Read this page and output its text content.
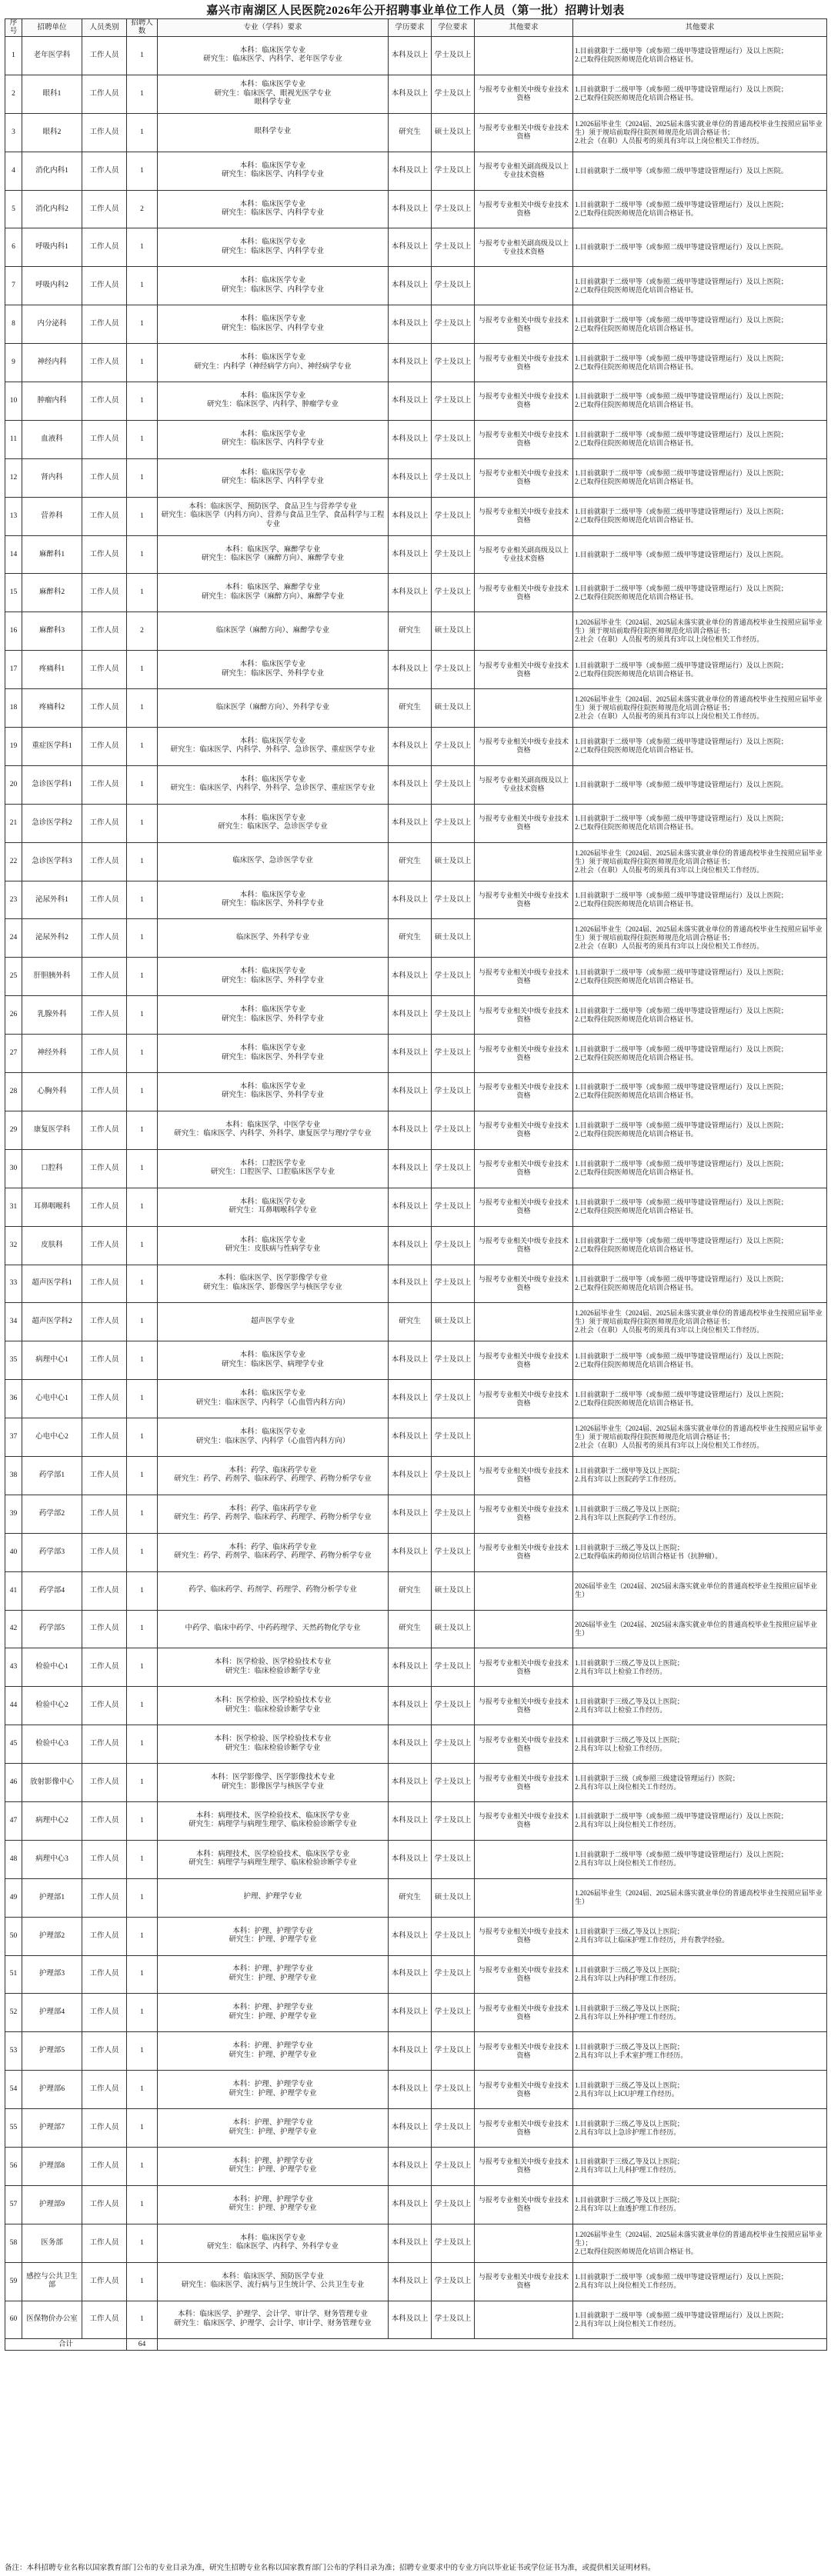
嘉兴市南湖区人民医院2026年公开招聘事业单位工作人员（第一批）招聘计划表
序号	招聘单位	人员类别	招聘人数	专业（学科）要求	学历要求	学位要求	其他要求	其他要求
1	老年医学科	工作人员	1	本科：临床医学专业
研究生：临床医学、内科学、老年医学专业	本科及以上	学士及以上		1.目前就职于二级甲等（或参照二级甲等建设管理运行）及以上医院；
2.已取得住院医师规范化培训合格证书。
2	眼科1	工作人员	1	本科：临床医学专业
研究生：临床医学、眼视光医学专业
眼科学专业	本科及以上	学士及以上	与报考专业相关中级专业技术资格	1.目前就职于二级甲等（或参照二级甲等建设管理运行）及以上医院；
2.已取得住院医师规范化培训合格证书。
3	眼科2	工作人员	1	眼科学专业	研究生	硕士及以上	与报考专业相关中级专业技术资格	1.2026届毕业生（2024届、2025届未落实就业单位的普通高校毕业生按照应届毕业生）须于规培前取得住院医师规范化培训合格证书；
2.社会（在职）人员报考的须具有3年以上岗位相关工作经历。
4	消化内科1	工作人员	1	本科：临床医学专业
研究生：临床医学、内科学专业	本科及以上	学士及以上	与报考专业相关副高级及以上专业技术资格	1.目前就职于二级甲等（或参照二级甲等建设管理运行）及以上医院。
5	消化内科2	工作人员	2	本科：临床医学专业
研究生：临床医学、内科学专业	本科及以上	学士及以上	与报考专业相关中级专业技术资格	1.目前就职于二级甲等（或参照二级甲等建设管理运行）及以上医院；
2.已取得住院医师规范化培训合格证书。
6	呼吸内科1	工作人员	1	本科：临床医学专业
研究生：临床医学、内科学专业	本科及以上	学士及以上	与报考专业相关副高级及以上专业技术资格	1.目前就职于二级甲等（或参照二级甲等建设管理运行）及以上医院。
7	呼吸内科2	工作人员	1	本科：临床医学专业
研究生：临床医学、内科学专业	本科及以上	学士及以上		1.目前就职于二级甲等（或参照二级甲等建设管理运行）及以上医院；
2.已取得住院医师规范化培训合格证书。
8	内分泌科	工作人员	1	本科：临床医学专业
研究生：临床医学、内科学专业	本科及以上	学士及以上	与报考专业相关中级专业技术资格	1.目前就职于二级甲等（或参照二级甲等建设管理运行）及以上医院；
2.已取得住院医师规范化培训合格证书。
9	神经内科	工作人员	1	本科：临床医学专业
研究生：内科学（神经病学方向）、神经病学专业	本科及以上	学士及以上	与报考专业相关中级专业技术资格	1.目前就职于二级甲等（或参照二级甲等建设管理运行）及以上医院；
2.已取得住院医师规范化培训合格证书。
10	肿瘤内科	工作人员	1	本科：临床医学专业
研究生：临床医学、内科学、肿瘤学专业	本科及以上	学士及以上	与报考专业相关中级专业技术资格	1.目前就职于二级甲等（或参照二级甲等建设管理运行）及以上医院；
2.已取得住院医师规范化培训合格证书。
11	血液科	工作人员	1	本科：临床医学专业
研究生：临床医学、内科学专业	本科及以上	学士及以上	与报考专业相关中级专业技术资格	1.目前就职于二级甲等（或参照二级甲等建设管理运行）及以上医院；
2.已取得住院医师规范化培训合格证书。
12	肾内科	工作人员	1	本科：临床医学专业
研究生：临床医学、内科学专业	本科及以上	学士及以上	与报考专业相关中级专业技术资格	1.目前就职于二级甲等（或参照二级甲等建设管理运行）及以上医院；
2.已取得住院医师规范化培训合格证书。
13	营养科	工作人员	1	本科：临床医学、预防医学、食品卫生与营养学专业
研究生：临床医学（内科方向）、营养与食品卫生学、食品科学与工程专业	本科及以上	学士及以上	与报考专业相关中级专业技术资格	1.目前就职于二级甲等（或参照二级甲等建设管理运行）及以上医院；
2.已取得住院医师规范化培训合格证书。
14	麻醉科1	工作人员	1	本科：临床医学、麻醉学专业
研究生：临床医学（麻醉方向）、麻醉学专业	本科及以上	学士及以上	与报考专业相关副高级及以上专业技术资格	1.目前就职于二级甲等（或参照二级甲等建设管理运行）及以上医院。
15	麻醉科2	工作人员	1	本科：临床医学、麻醉学专业
研究生：临床医学（麻醉方向）、麻醉学专业	本科及以上	学士及以上	与报考专业相关中级专业技术资格	1.目前就职于二级甲等（或参照二级甲等建设管理运行）及以上医院；
2.已取得住院医师规范化培训合格证书。
16	麻醉科3	工作人员	2	临床医学（麻醉方向）、麻醉学专业	研究生	硕士及以上		1.2026届毕业生（2024届、2025届未落实就业单位的普通高校毕业生按照应届毕业生）须于规培前取得住院医师规范化培训合格证书；
2.社会（在职）人员报考的须具有3年以上岗位相关工作经历。
17	疼痛科1	工作人员	1	本科：临床医学专业
研究生：临床医学、外科学专业	本科及以上	学士及以上	与报考专业相关中级专业技术资格	1.目前就职于二级甲等（或参照二级甲等建设管理运行）及以上医院；
2.已取得住院医师规范化培训合格证书。
18	疼痛科2	工作人员	1	临床医学（麻醉方向）、外科学专业	研究生	硕士及以上		1.2026届毕业生（2024届、2025届未落实就业单位的普通高校毕业生按照应届毕业生）须于规培前取得住院医师规范化培训合格证书；
2.社会（在职）人员报考的须具有3年以上岗位相关工作经历。
19	重症医学科1	工作人员	1	本科：临床医学专业
研究生：临床医学、内科学、外科学、急诊医学、重症医学专业	本科及以上	学士及以上	与报考专业相关中级专业技术资格	1.目前就职于二级甲等（或参照二级甲等建设管理运行）及以上医院；
2.已取得住院医师规范化培训合格证书。
20	急诊医学科1	工作人员	1	本科：临床医学专业
研究生：临床医学、内科学、外科学、急诊医学、重症医学专业	本科及以上	学士及以上	与报考专业相关副高级及以上专业技术资格	1.目前就职于二级甲等（或参照二级甲等建设管理运行）及以上医院。
21	急诊医学科2	工作人员	1	本科：临床医学专业
研究生：临床医学、急诊医学专业	本科及以上	学士及以上	与报考专业相关中级专业技术资格	1.目前就职于二级甲等（或参照二级甲等建设管理运行）及以上医院；
2.已取得住院医师规范化培训合格证书。
22	急诊医学科3	工作人员	1	临床医学、急诊医学专业	研究生	硕士及以上		1.2026届毕业生（2024届、2025届未落实就业单位的普通高校毕业生按照应届毕业生）须于规培前取得住院医师规范化培训合格证书；
2.社会（在职）人员报考的须具有3年以上岗位相关工作经历。
23	泌尿外科1	工作人员	1	本科：临床医学专业
研究生：临床医学、外科学专业	本科及以上	学士及以上	与报考专业相关中级专业技术资格	1.目前就职于二级甲等（或参照二级甲等建设管理运行）及以上医院；
2.已取得住院医师规范化培训合格证书。
24	泌尿外科2	工作人员	1	临床医学、外科学专业	研究生	硕士及以上		1.2026届毕业生（2024届、2025届未落实就业单位的普通高校毕业生按照应届毕业生）须于规培前取得住院医师规范化培训合格证书；
2.社会（在职）人员报考的须具有3年以上岗位相关工作经历。
25	肝胆胰外科	工作人员	1	本科：临床医学专业
研究生：临床医学、外科学专业	本科及以上	学士及以上	与报考专业相关中级专业技术资格	1.目前就职于二级甲等（或参照二级甲等建设管理运行）及以上医院；
2.已取得住院医师规范化培训合格证书。
26	乳腺外科	工作人员	1	本科：临床医学专业
研究生：临床医学、外科学专业	本科及以上	学士及以上	与报考专业相关中级专业技术资格	1.目前就职于二级甲等（或参照二级甲等建设管理运行）及以上医院；
2.已取得住院医师规范化培训合格证书。
27	神经外科	工作人员	1	本科：临床医学专业
研究生：临床医学、外科学专业	本科及以上	学士及以上	与报考专业相关中级专业技术资格	1.目前就职于二级甲等（或参照二级甲等建设管理运行）及以上医院；
2.已取得住院医师规范化培训合格证书。
28	心胸外科	工作人员	1	本科：临床医学专业
研究生：临床医学、外科学专业	本科及以上	学士及以上	与报考专业相关中级专业技术资格	1.目前就职于二级甲等（或参照二级甲等建设管理运行）及以上医院；
2.已取得住院医师规范化培训合格证书。
29	康复医学科	工作人员	1	本科：临床医学、中医学专业
研究生：临床医学、内科学、外科学、康复医学与理疗学专业	本科及以上	学士及以上	与报考专业相关中级专业技术资格	1.目前就职于二级甲等（或参照二级甲等建设管理运行）及以上医院；
2.已取得住院医师规范化培训合格证书。
30	口腔科	工作人员	1	本科：口腔医学专业
研究生：口腔医学、口腔临床医学专业	本科及以上	学士及以上	与报考专业相关中级专业技术资格	1.目前就职于二级甲等（或参照二级甲等建设管理运行）及以上医院；
2.已取得住院医师规范化培训合格证书。
31	耳鼻咽喉科	工作人员	1	本科：临床医学专业
研究生：耳鼻咽喉科学专业	本科及以上	学士及以上	与报考专业相关中级专业技术资格	1.目前就职于二级甲等（或参照二级甲等建设管理运行）及以上医院；
2.已取得住院医师规范化培训合格证书。
32	皮肤科	工作人员	1	本科：临床医学专业
研究生：皮肤病与性病学专业	本科及以上	学士及以上	与报考专业相关中级专业技术资格	1.目前就职于二级甲等（或参照二级甲等建设管理运行）及以上医院；
2.已取得住院医师规范化培训合格证书。
33	超声医学科1	工作人员	1	本科：临床医学、医学影像学专业
研究生：临床医学、影像医学与核医学专业	本科及以上	学士及以上	与报考专业相关中级专业技术资格	1.目前就职于二级甲等（或参照二级甲等建设管理运行）及以上医院；
2.已取得住院医师规范化培训合格证书。
34	超声医学科2	工作人员	1	超声医学专业	研究生	硕士及以上		1.2026届毕业生（2024届、2025届未落实就业单位的普通高校毕业生按照应届毕业生）须于规培前取得住院医师规范化培训合格证书；
2.社会（在职）人员报考的须具有3年以上岗位相关工作经历。
35	病理中心1	工作人员	1	本科：临床医学专业
研究生：临床医学、病理学专业	本科及以上	学士及以上	与报考专业相关中级专业技术资格	1.目前就职于二级甲等（或参照二级甲等建设管理运行）及以上医院；
2.已取得住院医师规范化培训合格证书。
36	心电中心1	工作人员	1	本科：临床医学专业
研究生：临床医学、内科学（心血管内科方向）	本科及以上	学士及以上	与报考专业相关中级专业技术资格	1.目前就职于二级甲等（或参照二级甲等建设管理运行）及以上医院；
2.已取得住院医师规范化培训合格证书。
37	心电中心2	工作人员	1	本科：临床医学专业
研究生：临床医学、内科学（心血管内科方向）	本科及以上	学士及以上		1.2026届毕业生（2024届、2025届未落实就业单位的普通高校毕业生按照应届毕业生）须于规培前取得住院医师规范化培训合格证书；
2.社会（在职）人员报考的须具有3年以上岗位相关工作经历。
38	药学部1	工作人员	1	本科：药学、临床药学专业
研究生：药学、药剂学、临床药学、药理学、药物分析学专业	本科及以上	学士及以上	与报考专业相关中级专业技术资格	1.目前就职于二级甲等及以上医院；
2.具有3年以上医院药学工作经历。
39	药学部2	工作人员	1	本科：药学、临床药学专业
研究生：药学、药剂学、临床药学、药理学、药物分析学专业	本科及以上	学士及以上	与报考专业相关中级专业技术资格	1.目前就职于三级乙等及以上医院；
2.具有3年以上医院药学工作经历。
40	药学部3	工作人员	1	本科：药学、临床药学专业
研究生：药学、药剂学、临床药学、药理学、药物分析学专业	本科及以上	学士及以上	与报考专业相关中级专业技术资格	1.目前就职于三级乙等及以上医院；
2.已取得临床药师岗位培训合格证书（抗肿瘤）。
41	药学部4	工作人员	1	药学、临床药学、药剂学、药理学、药物分析学专业	研究生	硕士及以上		2026届毕业生（2024届、2025届未落实就业单位的普通高校毕业生按照应届毕业生）
42	药学部5	工作人员	1	中药学、临床中药学、中药药理学、天然药物化学专业	研究生	硕士及以上		2026届毕业生（2024届、2025届未落实就业单位的普通高校毕业生按照应届毕业生）
43	检验中心1	工作人员	1	本科：医学检验、医学检验技术专业
研究生：临床检验诊断学专业	本科及以上	学士及以上	与报考专业相关中级专业技术资格	1.目前就职于三级乙等及以上医院；
2.具有3年以上检验工作经历。
44	检验中心2	工作人员	1	本科：医学检验、医学检验技术专业
研究生：临床检验诊断学专业	本科及以上	学士及以上	与报考专业相关中级专业技术资格	1.目前就职于三级乙等及以上医院；
2.具有3年以上检验工作经历。
45	检验中心3	工作人员	1	本科：医学检验、医学检验技术专业
研究生：临床检验诊断学专业	本科及以上	学士及以上	与报考专业相关中级专业技术资格	1.目前就职于三级乙等及以上医院；
2.具有3年以上检验工作经历。
46	放射影像中心	工作人员	1	本科：医学影像学、医学影像技术专业
研究生：影像医学与核医学专业	本科及以上	学士及以上	与报考专业相关中级专业技术资格	1.目前就职于三级（或参照三级建设管理运行）医院；
2.具有3年以上岗位相关工作经历。
47	病理中心2	工作人员	1	本科：病理技术、医学检验技术、临床医学专业
研究生：病理学与病理生理学、临床检验诊断学专业	本科及以上	学士及以上	与报考专业相关中级专业技术资格	1.目前就职于二级甲等（或参照二级甲等建设管理运行）及以上医院；
2.具有3年以上岗位相关工作经历。
48	病理中心3	工作人员	1	本科：病理技术、医学检验技术、临床医学专业
研究生：病理学与病理生理学、临床检验诊断学专业	本科及以上	学士及以上		1.目前就职于二级甲等（或参照二级甲等建设管理运行）及以上医院；
2.具有3年以上岗位相关工作经历。
49	护理部1	工作人员	1	护理、护理学专业	研究生	硕士及以上		1.2026届毕业生（2024届、2025届未落实就业单位的普通高校毕业生按照应届毕业生）
50	护理部2	工作人员	1	本科：护理、护理学专业
研究生：护理、护理学专业	本科及以上	学士及以上	与报考专业相关中级专业技术资格	1.目前就职于三级乙等及以上医院；
2.具有3年以上临床护理工作经历，并有教学经验。
51	护理部3	工作人员	1	本科：护理、护理学专业
研究生：护理、护理学专业	本科及以上	学士及以上	与报考专业相关中级专业技术资格	1.目前就职于三级乙等及以上医院；
2.具有3年以上内科护理工作经历。
52	护理部4	工作人员	1	本科：护理、护理学专业
研究生：护理、护理学专业	本科及以上	学士及以上	与报考专业相关中级专业技术资格	1.目前就职于三级乙等及以上医院；
2.具有3年以上外科护理工作经历。
53	护理部5	工作人员	1	本科：护理、护理学专业
研究生：护理、护理学专业	本科及以上	学士及以上	与报考专业相关中级专业技术资格	1.目前就职于三级乙等及以上医院；
2.具有3年以上手术室护理工作经历。
54	护理部6	工作人员	1	本科：护理、护理学专业
研究生：护理、护理学专业	本科及以上	学士及以上	与报考专业相关中级专业技术资格	1.目前就职于三级乙等及以上医院；
2.具有3年以上ICU护理工作经历。
55	护理部7	工作人员	1	本科：护理、护理学专业
研究生：护理、护理学专业	本科及以上	学士及以上	与报考专业相关中级专业技术资格	1.目前就职于三级乙等及以上医院；
2.具有3年以上急诊护理工作经历。
56	护理部8	工作人员	1	本科：护理、护理学专业
研究生：护理、护理学专业	本科及以上	学士及以上	与报考专业相关中级专业技术资格	1.目前就职于三级乙等及以上医院；
2.具有3年以上儿科护理工作经历。
57	护理部9	工作人员	1	本科：护理、护理学专业
研究生：护理、护理学专业	本科及以上	学士及以上	与报考专业相关中级专业技术资格	1.目前就职于三级乙等及以上医院；
2.具有3年以上血透护理工作经历。
58	医务部	工作人员	1	本科：临床医学专业
研究生：临床医学、内科学、外科学专业	本科及以上	学士及以上		1.2026届毕业生（2024届、2025届未落实就业单位的普通高校毕业生按照应届毕业生）；
2.已取得住院医师规范化培训合格证书。
59	感控与公共卫生部	工作人员	1	本科：临床医学、预防医学专业
研究生：临床医学、流行病与卫生统计学、公共卫生专业	本科及以上	学士及以上	与报考专业相关中级专业技术资格	1.目前就职于二级甲等（或参照二级甲等建设管理运行）及以上医院；
2.具有3年以上岗位相关工作经历。
60	医保物价办公室	工作人员	1	本科：临床医学、护理学、会计学、审计学、财务管理专业
研究生：临床医学、护理学、会计学、审计学、财务管理专业	本科及以上	学士及以上		1.目前就职于二级甲等（或参照二级甲等建设管理运行）及以上医院；
2.具有3年以上岗位相关工作经历。
合计			64					
备注：本科招聘专业名称以国家教育部门公布的专业目录为准，研究生招聘专业名称以国家教育部门公布的学科目录为准；招聘专业要求中的专业方向以毕业证书或学位证书为准，或提供相关证明材料。
